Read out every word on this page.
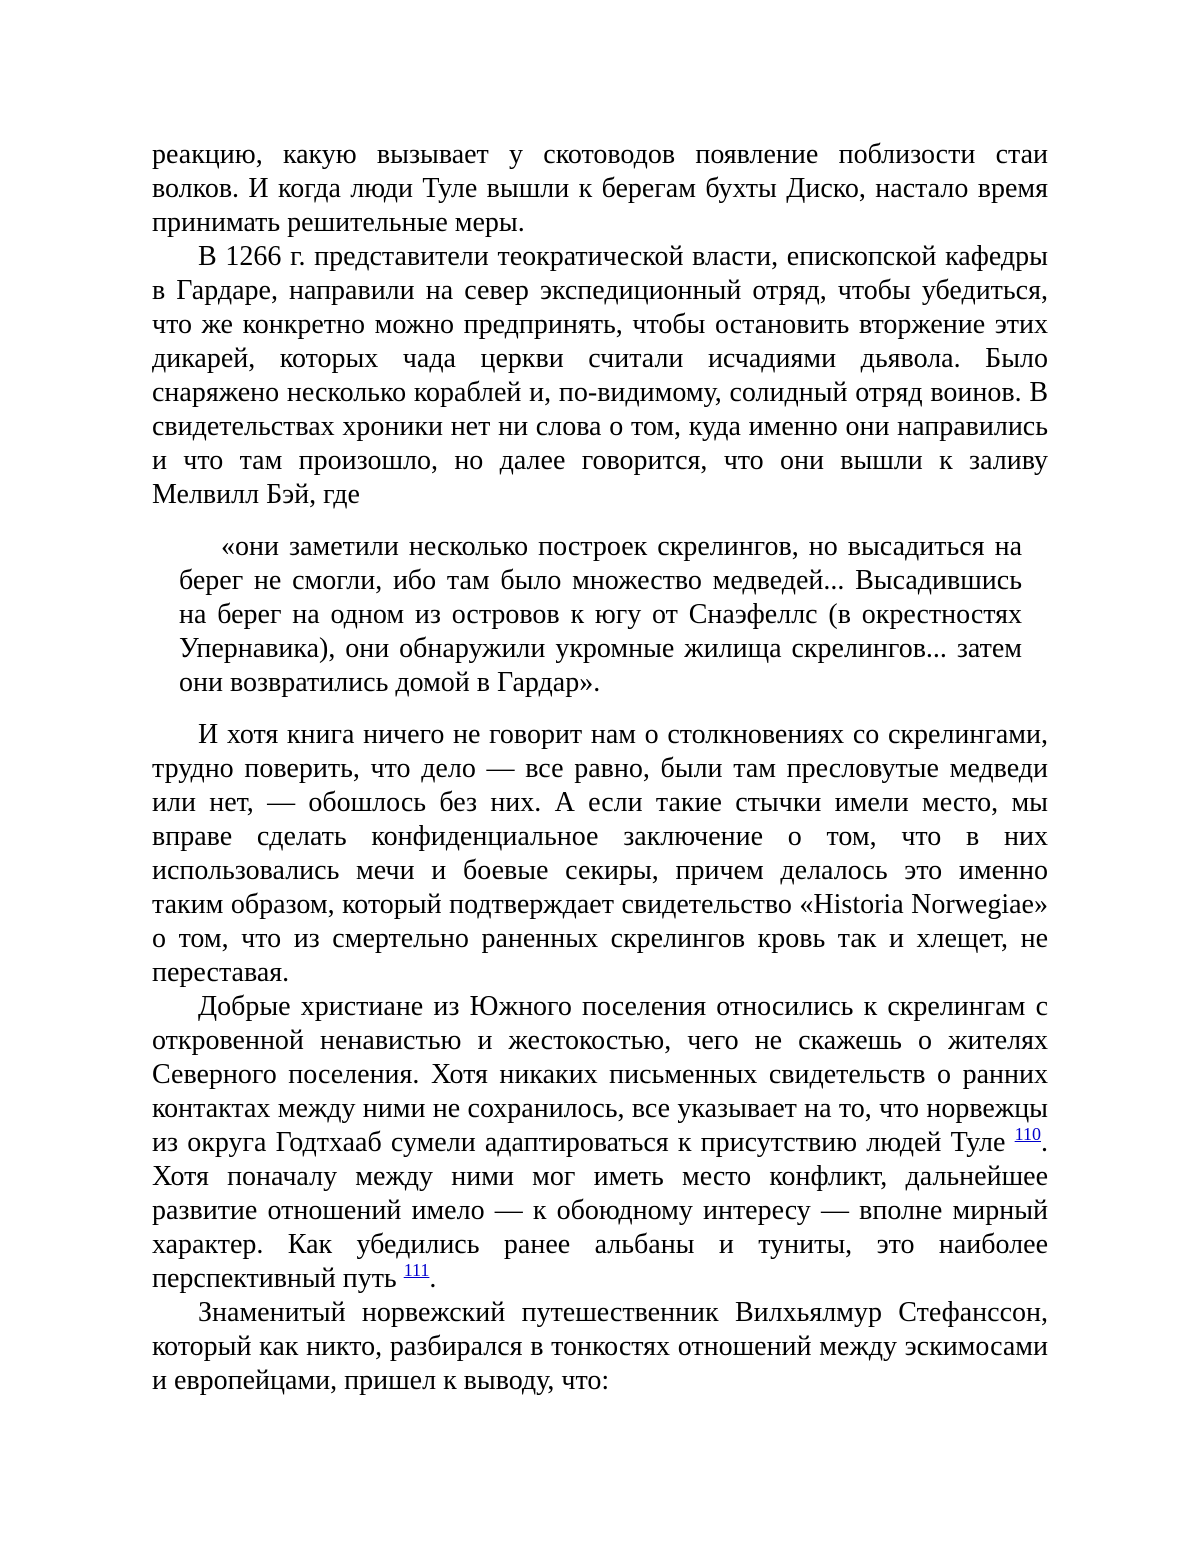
реакцию, какую вызывает у скотоводов появление поблизости стаи волков. И когда люди Туле вышли к берегам бухты Диско, настало время принимать решительные меры.

В 1266 г. представители теократической власти, епископской кафедры в Гардаре, направили на север экспедиционный отряд, чтобы убедиться, что же конкретно можно предпринять, чтобы остановить вторжение этих дикарей, которых чада церкви считали исчадиями дьявола. Было снаряжено несколько кораблей и, по-видимому, солидный отряд воинов. В свидетельствах хроники нет ни слова о том, куда именно они направились и что там произошло, но далее говорится, что они вышли к заливу Мелвилл Бэй, где

«они заметили несколько построек скрелингов, но высадиться на берег не смогли, ибо там было множество медведей... Высадившись на берег на одном из островов к югу от Снаэфеллс (в окрестностях Упернавика), они обнаружили укромные жилища скрелингов... затем они возвратились домой в Гардар».

И хотя книга ничего не говорит нам о столкновениях со скрелингами, трудно поверить, что дело — все равно, были там пресловутые медведи или нет, — обошлось без них. А если такие стычки имели место, мы вправе сделать конфиденциальное заключение о том, что в них использовались мечи и боевые секиры, причем делалось это именно таким образом, который подтверждает свидетельство «Historia Norwegiae» о том, что из смертельно раненных скрелингов кровь так и хлещет, не переставая.

Добрые христиане из Южного поселения относились к скрелингам с откровенной ненавистью и жестокостью, чего не скажешь о жителях Северного поселения. Хотя никаких письменных свидетельств о ранних контактах между ними не сохранилось, все указывает на то, что норвежцы из округа Годтхааб сумели адаптироваться к присутствию людей Туле $^{110}$. Хотя поначалу между ними мог иметь место конфликт, дальнейшее развитие отношений имело — к обоюдному интересу — вполне мирный характер. Как убедились ранее альбаны и туниты, это наиболее перспективный путь $^{111}$.

Знаменитый норвежский путешественник Вилхьялмур Стефанссон, который как никто, разбирался в тонкостях отношений между эскимосами и европейцами, пришел к выводу, что:
